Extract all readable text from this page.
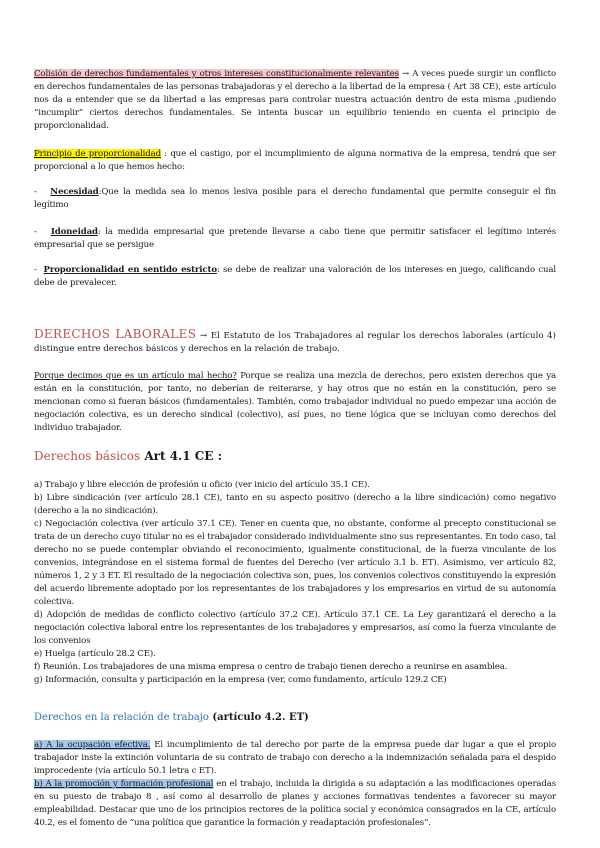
Colisión de derechos fundamentales y otros intereses constitucionalmente relevantes → A veces puede surgir un conflicto en derechos fundamentales de las personas trabajadoras y el derecho a la libertad de la empresa ( Art 38 CE), este artículo nos da a entender que se da libertad a las empresas para controlar nuestra actuación dentro de esta misma ,pudiendo “incumplir” ciertos derechos fundamentales. Se intenta buscar un equilibrio teniendo en cuenta el principio de proporcionalidad.
Principio de proporcionalidad : que el castigo, por el incumplimiento de alguna normativa de la empresa, tendrá que ser proporcional a lo que hemos hecho:
- Necesidad:Que la medida sea lo menos lesiva posible para el derecho fundamental que permite conseguir el fin legítimo
- Idoneidad: la medida empresarial que pretende llevarse a cabo tiene que permitir satisfacer el legítimo interés empresarial que se persigue
- Proporcionalidad en sentido estricto: se debe de realizar una valoración de los intereses en juego, calificando cual debe de prevalecer.
DERECHOS LABORALES → El Estatuto de los Trabajadores al regular los derechos laborales (artículo 4) distingue entre derechos básicos y derechos en la relación de trabajo.
Porque decimos que es un artículo mal hecho? Porque se realiza una mezcla de derechos, pero existen derechos que ya están en la constitución, por tanto, no deberían de reiterarse, y hay otros que no están en la constitución, pero se mencionan como si fueran básicos (fundamentales). También, como trabajador individual no puedo empezar una acción de negociación colectiva, es un derecho sindical (colectivo), así pues, no tiene lógica que se incluyan como derechos del individuo trabajador.
Derechos básicos Art 4.1 CE :
a) Trabajo y libre elección de profesión u oficio (ver inicio del artículo 35.1 CE).
b) Libre sindicación (ver artículo 28.1 CE), tanto en su aspecto positivo (derecho a la libre sindicación) como negativo (derecho a la no sindicación).
c) Negociación colectiva (ver artículo 37.1 CE). Tener en cuenta que, no obstante, conforme al precepto constitucional se trata de un derecho cuyo titular no es el trabajador considerado individualmente sino sus representantes. En todo caso, tal derecho no se puede contemplar obviando el reconocimiento, igualmente constitucional, de la fuerza vinculante de los convenios, integrándose en el sistema formal de fuentes del Derecho (ver artículo 3.1 b. ET). Asimismo, ver artículo 82, números 1, 2 y 3 ET. El resultado de la negociación colectiva son, pues, los convenios colectivos constituyendo la expresión del acuerdo libremente adoptado por los representantes de los trabajadores y los empresarios en virtud de su autonomía colectiva.
d) Adopción de medidas de conflicto colectivo (artículo 37.2 CE). Artículo 37.1 CE. La Ley garantizará el derecho a la negociación colectiva laboral entre los representantes de los trabajadores y empresarios, así como la fuerza vinculante de los convenios
e) Huelga (artículo 28.2 CE).
f) Reunión. Los trabajadores de una misma empresa o centro de trabajo tienen derecho a reunirse en asamblea.
g) Información, consulta y participación en la empresa (ver, como fundamento, artículo 129.2 CE)
Derechos en la relación de trabajo (artículo 4.2. ET)
a) A la ocupación efectiva. El incumplimiento de tal derecho por parte de la empresa puede dar lugar a que el propio trabajador inste la extinción voluntaria de su contrato de trabajo con derecho a la indemnización señalada para el despido improcedente (vía artículo 50.1 letra c ET).
b) A la promoción y formación profesional en el trabajo, incluida la dirigida a su adaptación a las modificaciones operadas en su puesto de trabajo 8 , así como al desarrollo de planes y acciones formativas tendentes a favorecer su mayor empleabilidad. Destacar que uno de los principios rectores de la política social y económica consagrados en la CE, artículo 40.2, es el fomento de “una política que garantice la formación y readaptación profesionales”.
